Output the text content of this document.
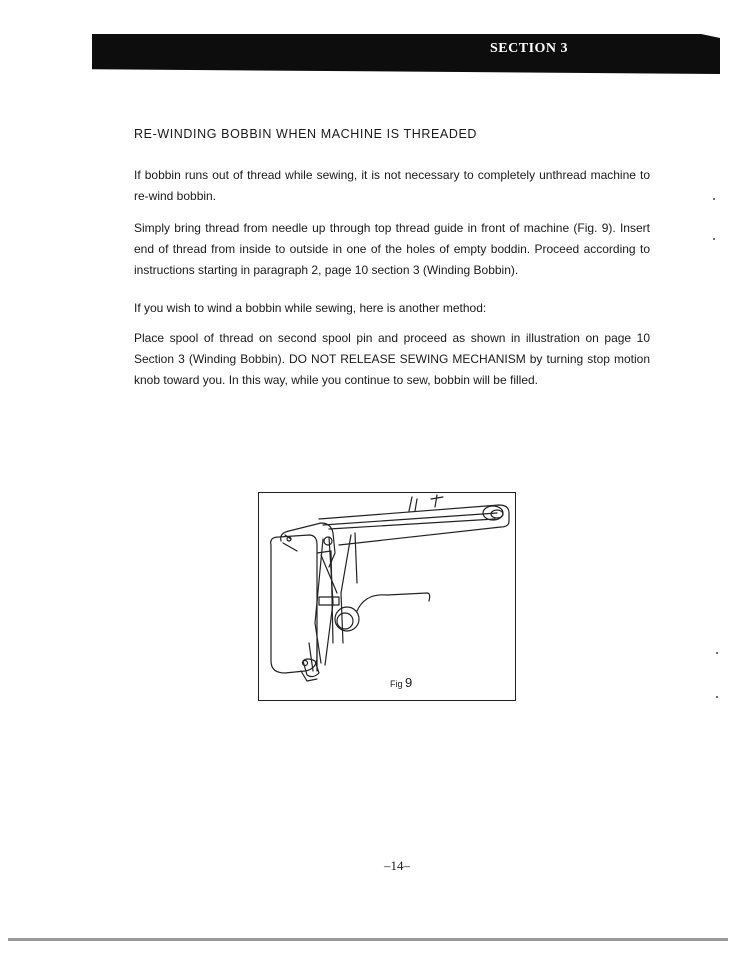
SECTION 3
RE-WINDING BOBBIN WHEN MACHINE IS THREADED

If bobbin runs out of thread while sewing, it is not necessary to completely unthread machine to re-wind bobbin.

Simply bring thread from needle up through top thread guide in front of machine (Fig. 9). Insert end of thread from inside to outside in one of the holes of empty boddin. Proceed according to instructions starting in paragraph 2, page 10 section 3 (Winding Bobbin).

If you wish to wind a bobbin while sewing, here is another method:

Place spool of thread on second spool pin and proceed as shown in illustration on page 10 Section 3 (Winding Bobbin). DO NOT RELEASE SEWING MECHANISM by turning stop motion knob toward you. In this way, while you continue to sew, bobbin will be filled.

Fig 9
–14–
